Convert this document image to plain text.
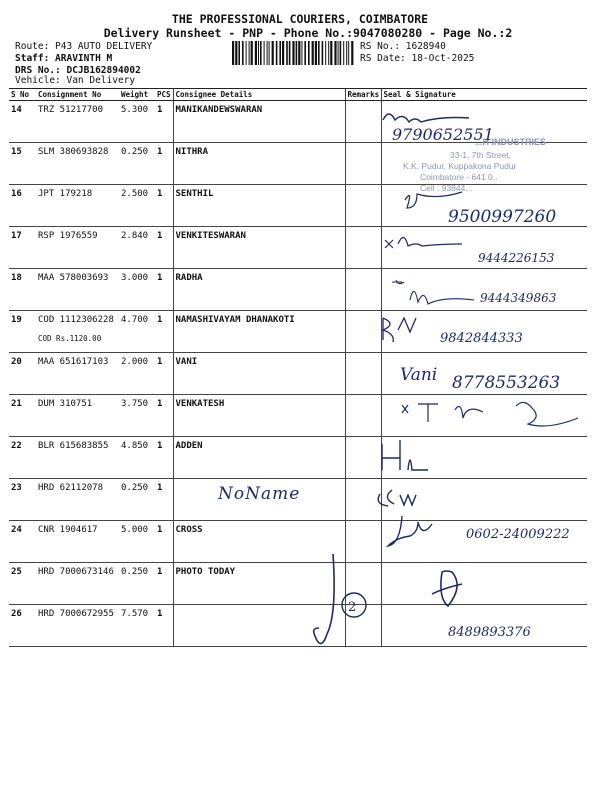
THE PROFESSIONAL COURIERS, COIMBATORE
Delivery Runsheet - PNP - Phone No.:9047080280 - Page No.:2
Route: P43 AUTO DELIVERY
Staff: ARAVINTH M
DRS No.: DCJB162894002
Vehicle: Van Delivery
RS No.: 1628940
RS Date: 18-Oct-2025
S No	Consignment No	Weight	PCS	Consignee Details	Remarks	Seal & Signature
14	TRZ 51217700	5.300	1	MANIKANDEWSWARAN		
15	SLM 380693828	0.250	1	NITHRA		
16	JPT 179218	2.500	1	SENTHIL		
17	RSP 1976559	2.840	1	VENKITESWARAN		
18	MAA 578003693	3.000	1	RADHA		
19	COD 1112306228	4.700	1	NAMASHIVAYAM DHANAKOTI		
20	MAA 651617103	2.000	1	VANI		
21	DUM 310751	3.750	1	VENKATESH		
22	BLR 615683855	4.850	1	ADDEN		
23	HRD 62112078	0.250	1			
24	CNR 1904617	5.000	1	CROSS		
25	HRD 7000673146	0.250	1	PHOTO TODAY		
26	HRD 7000672955	7.570	1			
COD Rs.1120.00
NoName
...H INDUSTRIES
33-1, 7th Street,
K.K. Pudur, Kuppakona Pudur
Coimbatore - 641 0..
Cell : 93844...
9790652551
9500997260
9444226153
9444349863
9842844333
Vani 8778553263
0602-24009222
8489893376
2
